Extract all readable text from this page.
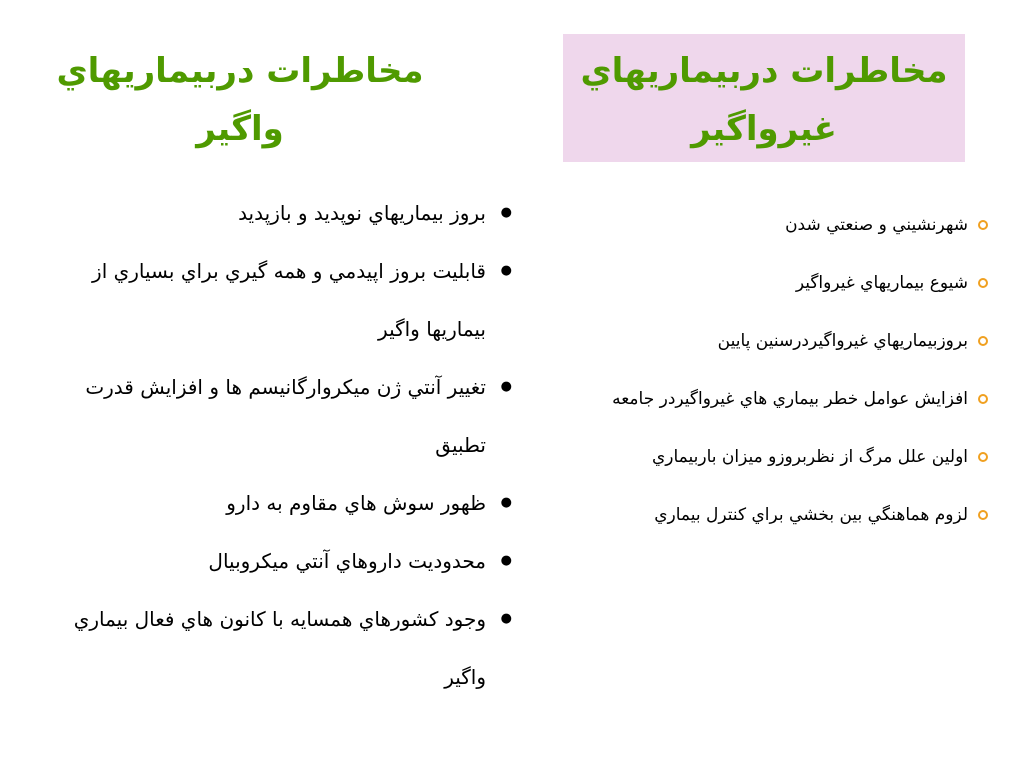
مخاطرات دربيماريهاي
واگير
مخاطرات دربيماريهاي
غيرواگير
● بروز بيماريهاي نوپديد و بازپديد
● قابليت بروز اپيدمي و همه گيري براي بسياري از بيماريها واگير
● تغيير آنتي ژن ميكروارگانيسم ها و افزايش قدرت تطبيق
● ظهور سوش هاي مقاوم به دارو
● محدوديت داروهاي آنتي ميكروبيال
● وجود كشورهاي همسايه با كانون هاي فعال بيماري واگير
شهرنشيني و صنعتي شدن
شيوع بيماريهاي غيرواگير
بروزبيماريهاي غيرواگيردرسنين پايين
افزايش عوامل خطر بيماري هاي غيرواگيردر جامعه
اولين علل مرگ از نظربروزو ميزان باربيماري
لزوم هماهنگي بين بخشي براي كنترل بيماري
